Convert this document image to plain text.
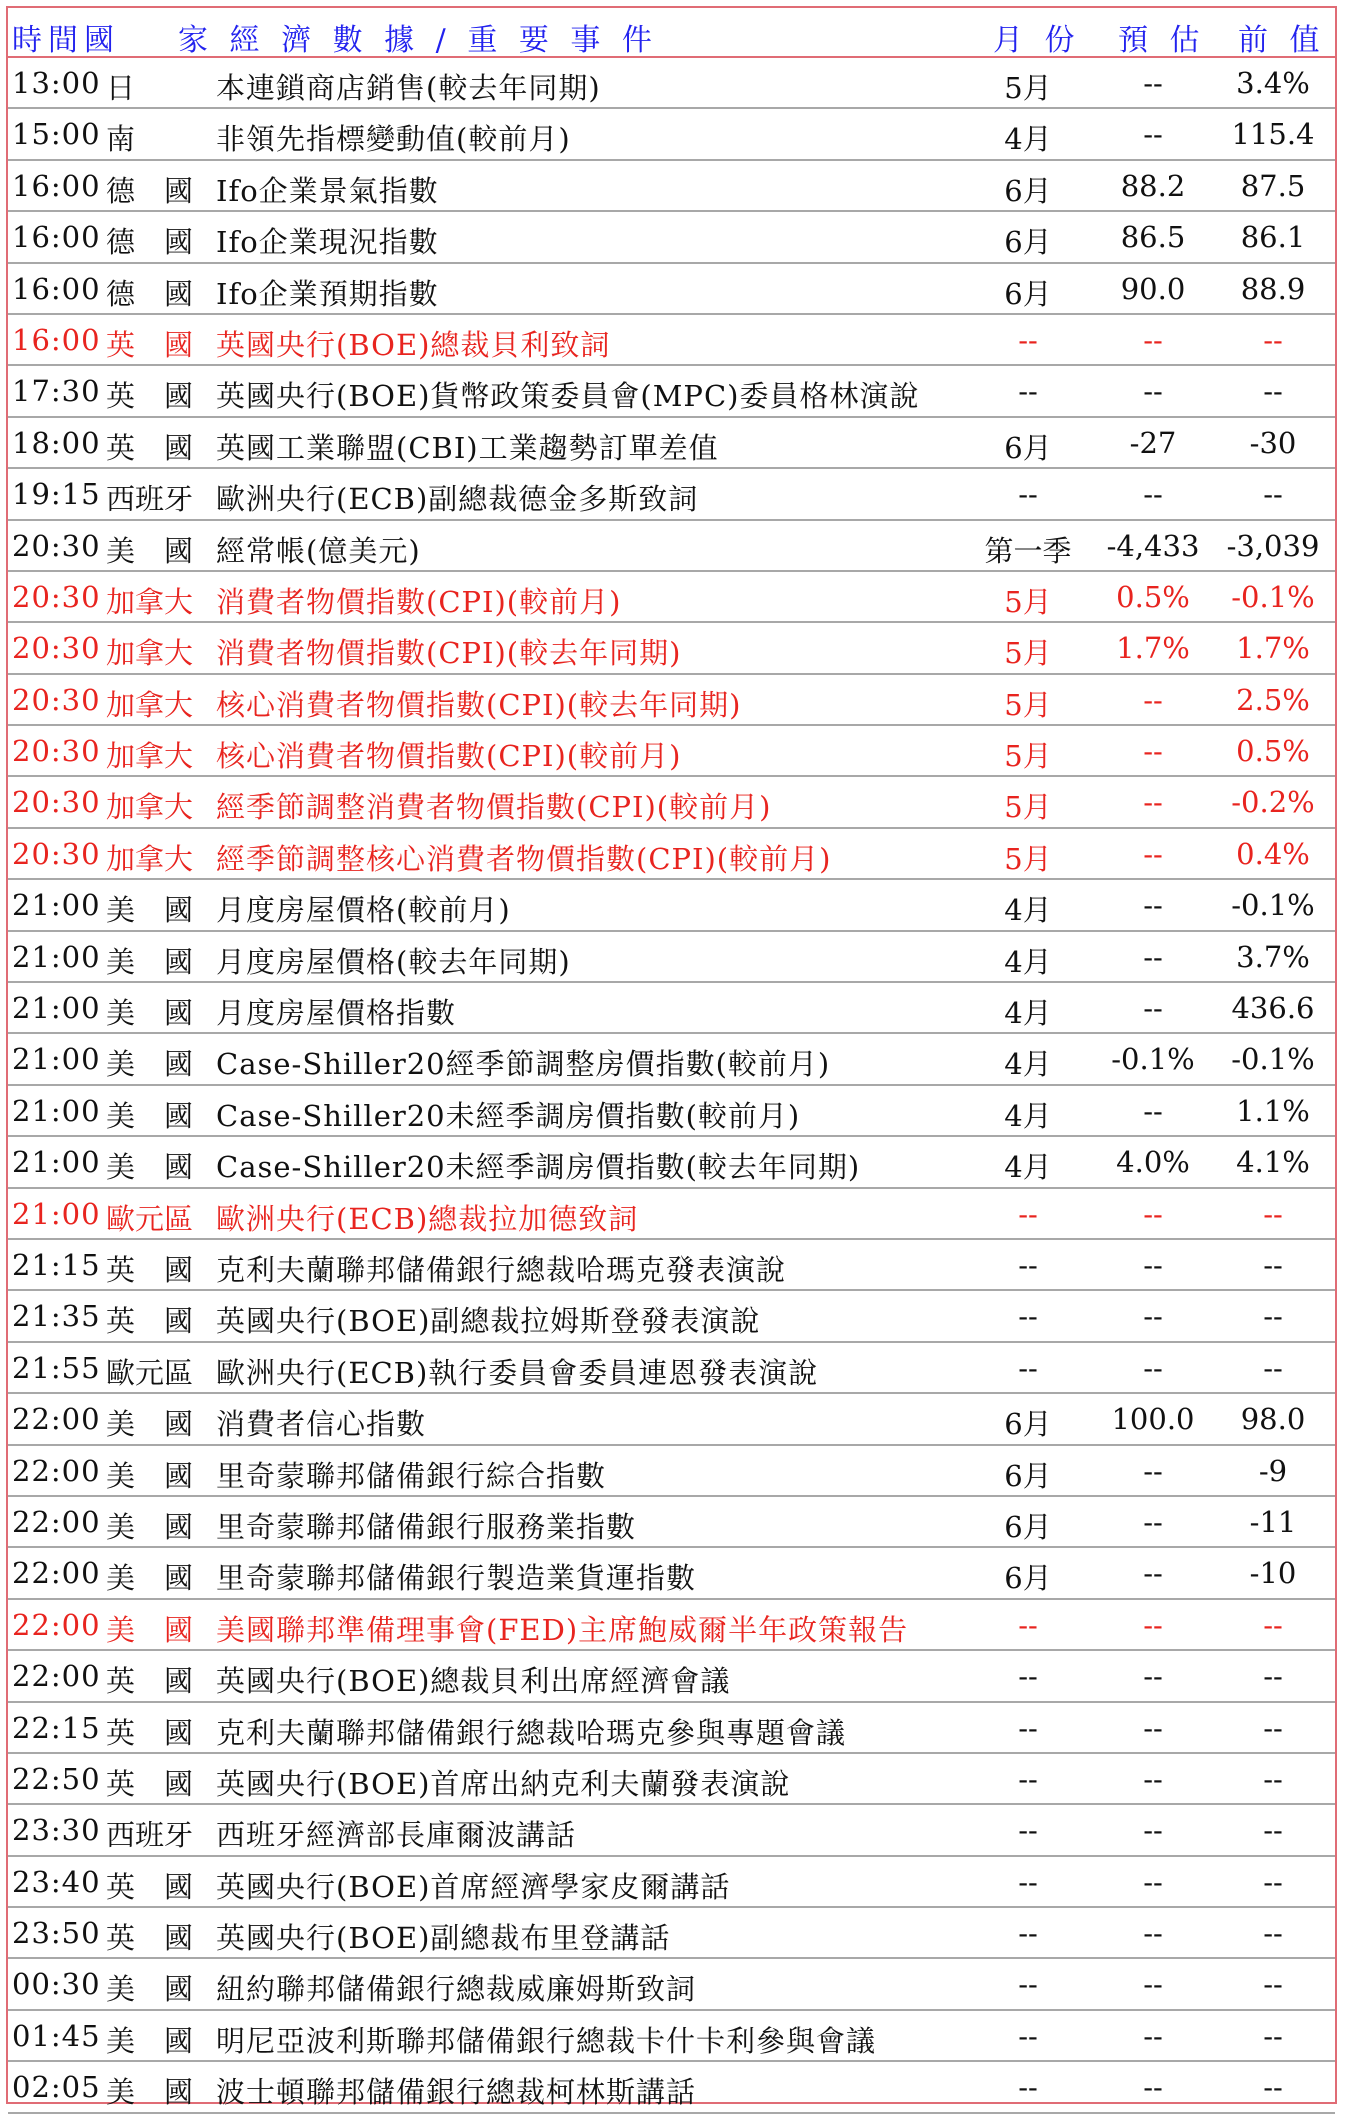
時間國 家 經 濟 數 據 / 重 要 事 件	月 份 預 估 前 值
13:00 日	本連鎖商店銷售(較去年同期)	5月	--	3.4%
15:00 南	非領先指標變動值(較前月)	4月	--	115.4
16:00 德　國 Ifo企業景氣指數	6月	88.2	87.5
16:00 德　國 Ifo企業現況指數	6月	86.5	86.1
16:00 德　國 Ifo企業預期指數	6月	90.0	88.9
16:00 英　國 英國央行(BOE)總裁貝利致詞	--	--	--
17:30 英　國 英國央行(BOE)貨幣政策委員會(MPC)委員格林演說	--	--	--
18:00 英　國 英國工業聯盟(CBI)工業趨勢訂單差值	6月	-27	-30
19:15 西班牙 歐洲央行(ECB)副總裁德金多斯致詞	--	--	--
20:30 美　國 經常帳(億美元)	第一季	-4,433 -3,039
20:30 加拿大 消費者物價指數(CPI)(較前月)	5月	0.5%	-0.1%
20:30 加拿大 消費者物價指數(CPI)(較去年同期)	5月	1.7%	1.7%
20:30 加拿大 核心消費者物價指數(CPI)(較去年同期)	5月	--	2.5%
20:30 加拿大 核心消費者物價指數(CPI)(較前月)	5月	--	0.5%
20:30 加拿大 經季節調整消費者物價指數(CPI)(較前月)	5月	--	-0.2%
20:30 加拿大 經季節調整核心消費者物價指數(CPI)(較前月)	5月	--	0.4%
21:00 美　國 月度房屋價格(較前月)	4月	--	-0.1%
21:00 美　國 月度房屋價格(較去年同期)	4月	--	3.7%
21:00 美　國 月度房屋價格指數	4月	--	436.6
21:00 美　國 Case-Shiller20經季節調整房價指數(較前月)	4月	-0.1%	-0.1%
21:00 美　國 Case-Shiller20未經季調房價指數(較前月)	4月	--	1.1%
21:00 美　國 Case-Shiller20未經季調房價指數(較去年同期)	4月	4.0%	4.1%
21:00 歐元區 歐洲央行(ECB)總裁拉加德致詞	--	--	--
21:15 英　國 克利夫蘭聯邦儲備銀行總裁哈瑪克發表演說	--	--	--
21:35 英　國 英國央行(BOE)副總裁拉姆斯登發表演說	--	--	--
21:55 歐元區 歐洲央行(ECB)執行委員會委員連恩發表演說	--	--	--
22:00 美　國 消費者信心指數	6月	100.0	98.0
22:00 美　國 里奇蒙聯邦儲備銀行綜合指數	6月	--	-9
22:00 美　國 里奇蒙聯邦儲備銀行服務業指數	6月	--	-11
22:00 美　國 里奇蒙聯邦儲備銀行製造業貨運指數	6月	--	-10
22:00 美　國 美國聯邦準備理事會(FED)主席鮑威爾半年政策報告	--	--	--
22:00 英　國 英國央行(BOE)總裁貝利出席經濟會議	--	--	--
22:15 英　國 克利夫蘭聯邦儲備銀行總裁哈瑪克參與專題會議	--	--	--
22:50 英　國 英國央行(BOE)首席出納克利夫蘭發表演說	--	--	--
23:30 西班牙 西班牙經濟部長庫爾波講話	--	--	--
23:40 英　國 英國央行(BOE)首席經濟學家皮爾講話	--	--	--
23:50 英　國 英國央行(BOE)副總裁布里登講話	--	--	--
00:30 美　國 紐約聯邦儲備銀行總裁威廉姆斯致詞	--	--	--
01:45 美　國 明尼亞波利斯聯邦儲備銀行總裁卡什卡利參與會議	--	--	--
02:05 美　國 波士頓聯邦儲備銀行總裁柯林斯講話	--	--	--
